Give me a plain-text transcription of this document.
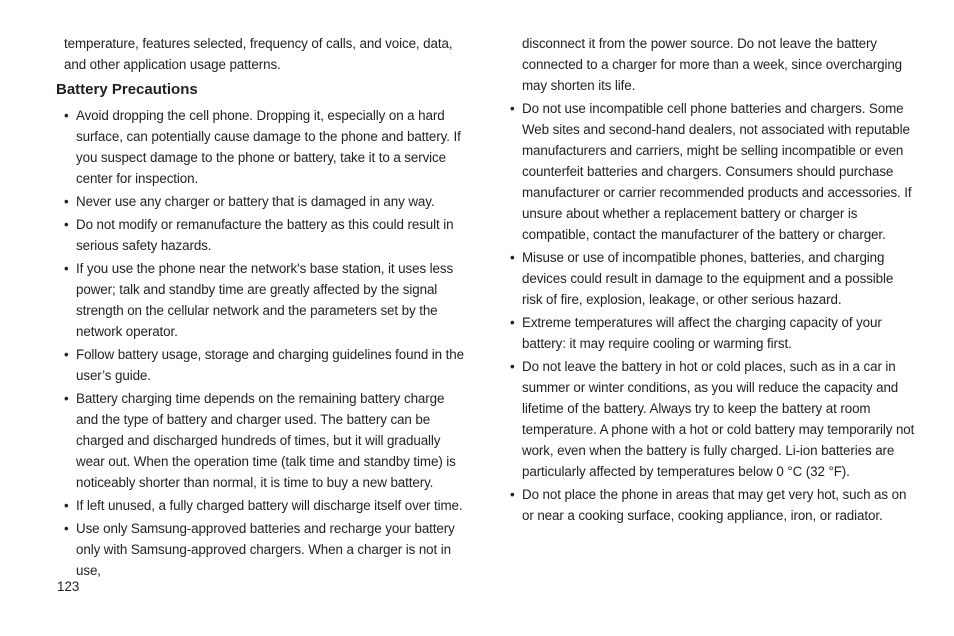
temperature, features selected, frequency of calls, and voice, data, and other application usage patterns.

Battery Precautions
• Avoid dropping the cell phone. Dropping it, especially on a hard surface, can potentially cause damage to the phone and battery. If you suspect damage to the phone or battery, take it to a service center for inspection.
• Never use any charger or battery that is damaged in any way.
• Do not modify or remanufacture the battery as this could result in serious safety hazards.
• If you use the phone near the network's base station, it uses less power; talk and standby time are greatly affected by the signal strength on the cellular network and the parameters set by the network operator.
• Follow battery usage, storage and charging guidelines found in the user’s guide.
• Battery charging time depends on the remaining battery charge and the type of battery and charger used. The battery can be charged and discharged hundreds of times, but it will gradually wear out. When the operation time (talk time and standby time) is noticeably shorter than normal, it is time to buy a new battery.
• If left unused, a fully charged battery will discharge itself over time.
• Use only Samsung-approved batteries and recharge your battery only with Samsung-approved chargers. When a charger is not in use,

disconnect it from the power source. Do not leave the battery connected to a charger for more than a week, since overcharging may shorten its life.

• Do not use incompatible cell phone batteries and chargers. Some Web sites and second-hand dealers, not associated with reputable manufacturers and carriers, might be selling incompatible or even counterfeit batteries and chargers. Consumers should purchase manufacturer or carrier recommended products and accessories. If unsure about whether a replacement battery or charger is compatible, contact the manufacturer of the battery or charger.
• Misuse or use of incompatible phones, batteries, and charging devices could result in damage to the equipment and a possible risk of fire, explosion, leakage, or other serious hazard.
• Extreme temperatures will affect the charging capacity of your battery: it may require cooling or warming first.
• Do not leave the battery in hot or cold places, such as in a car in summer or winter conditions, as you will reduce the capacity and lifetime of the battery. Always try to keep the battery at room temperature. A phone with a hot or cold battery may temporarily not work, even when the battery is fully charged. Li-ion batteries are particularly affected by temperatures below 0 °C (32 °F).
• Do not place the phone in areas that may get very hot, such as on or near a cooking surface, cooking appliance, iron, or radiator.
123
